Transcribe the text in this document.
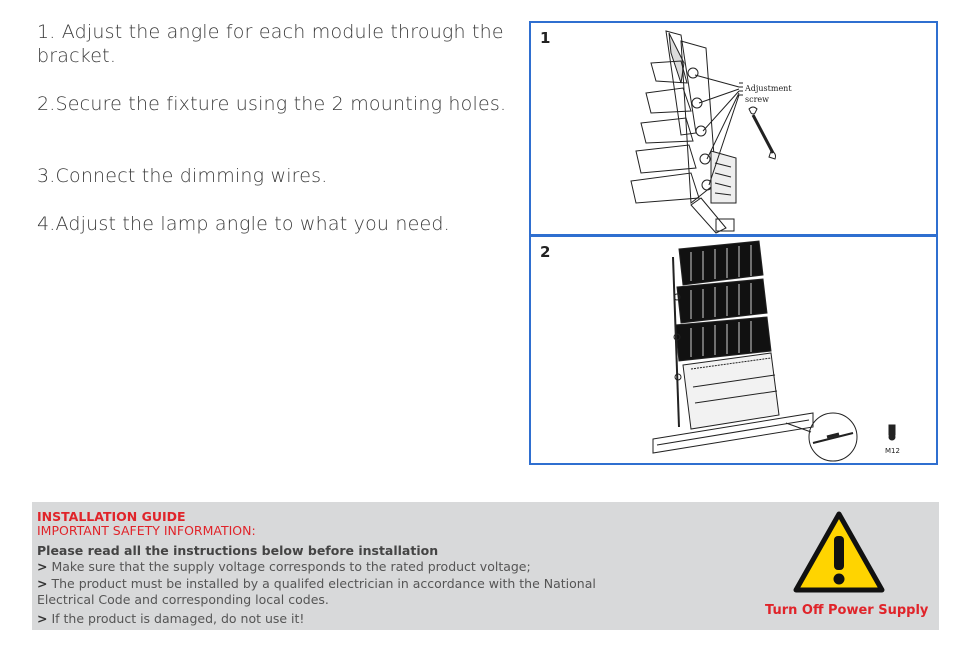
1. Adjust the angle for each module through the bracket.

2.Secure the fixture using the 2 mounting holes.

3.Connect the dimming wires.

4.Adjust the lamp angle to what you need.

1
Adjustment screw
2
M12
INSTALLATION GUIDE
IMPORTANT SAFETY INFORMATION:
Please read all the instructions below before installation
> Make sure that the supply voltage corresponds to the rated product voltage;
> The product must be installed by a qualifed electrician in accordance with the National Electrical Code and corresponding local codes.
> If the product is damaged, do not use it!
Turn Off Power Supply
